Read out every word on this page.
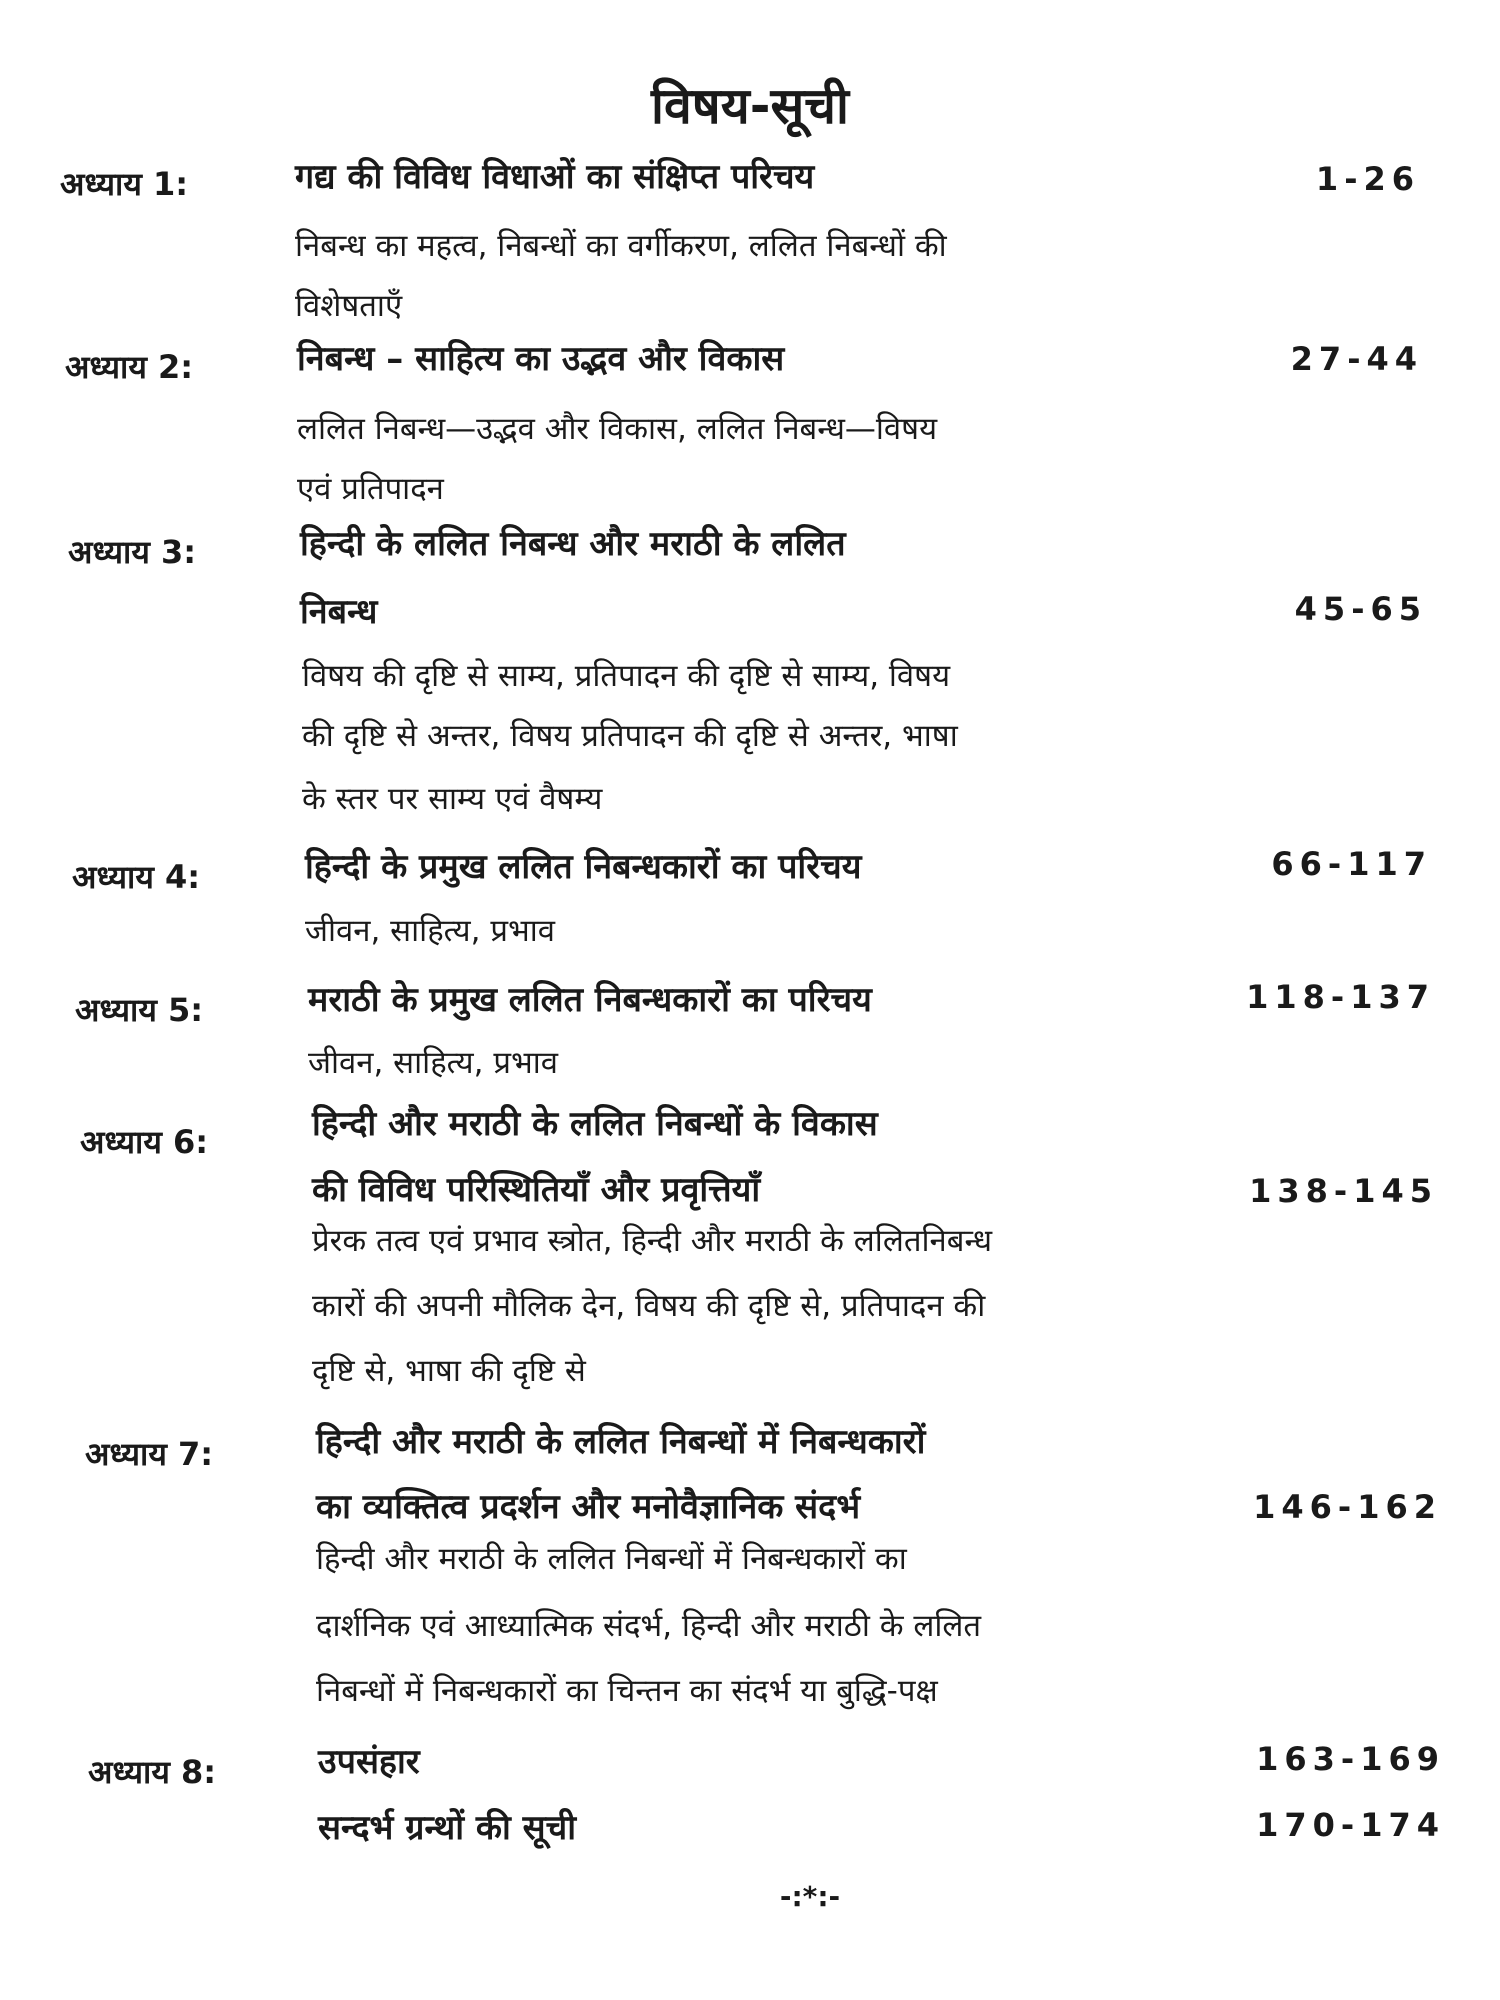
विषय-सूची
अध्याय 1:	गद्य की विविध विधाओं का संक्षिप्त परिचय	1-26
निबन्ध का महत्व, निबन्धों का वर्गीकरण, ललित निबन्धों की
विशेषताएँ
अध्याय 2:	निबन्ध – साहित्य का उद्भव और विकास	27-44
ललित निबन्ध—उद्भव और विकास, ललित निबन्ध—विषय
एवं प्रतिपादन
अध्याय 3:	हिन्दी के ललित निबन्ध और मराठी के ललित
निबन्ध	45-65
विषय की दृष्टि से साम्य, प्रतिपादन की दृष्टि से साम्य, विषय
की दृष्टि से अन्तर, विषय प्रतिपादन की दृष्टि से अन्तर, भाषा
के स्तर पर साम्य एवं वैषम्य
अध्याय 4:	हिन्दी के प्रमुख ललित निबन्धकारों का परिचय	66-117
जीवन, साहित्य, प्रभाव
अध्याय 5:	मराठी के प्रमुख ललित निबन्धकारों का परिचय	118-137
जीवन, साहित्य, प्रभाव
अध्याय 6:	हिन्दी और मराठी के ललित निबन्धों के विकास
की विविध परिस्थितियाँ और प्रवृत्तियाँ	138-145
प्रेरक तत्व एवं प्रभाव स्त्रोत, हिन्दी और मराठी के ललितनिबन्ध
कारों की अपनी मौलिक देन, विषय की दृष्टि से, प्रतिपादन की
दृष्टि से, भाषा की दृष्टि से
अध्याय 7:	हिन्दी और मराठी के ललित निबन्धों में निबन्धकारों
का व्यक्तित्व प्रदर्शन और मनोवैज्ञानिक संदर्भ	146-162
हिन्दी और मराठी के ललित निबन्धों में निबन्धकारों का
दार्शनिक एवं आध्यात्मिक संदर्भ, हिन्दी और मराठी के ललित
निबन्धों में निबन्धकारों का चिन्तन का संदर्भ या बुद्धि-पक्ष
अध्याय 8:	उपसंहार	163-169
सन्दर्भ ग्रन्थों की सूची	170-174
-:*:-
